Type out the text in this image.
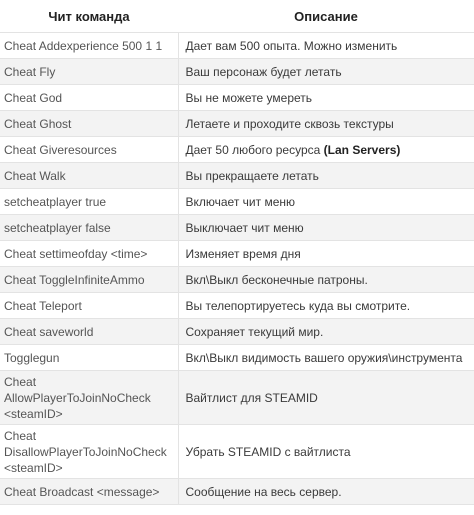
Чит команда	Описание
Cheat Addexperience 500 1 1	Дает вам 500 опыта. Можно изменить
Cheat Fly	Ваш персонаж будет летать
Cheat God	Вы не можете умереть
Cheat Ghost	Летаете и проходите сквозь текстуры
Cheat Giveresources	Дает 50 любого ресурса (Lan Servers)
Cheat Walk	Вы прекращаете летать
setcheatplayer true	Включает чит меню
setcheatplayer false	Выключает чит меню
Cheat settimeofday <time>	Изменяет время дня
Cheat ToggleInfiniteAmmo	Вкл\Выкл бесконечные патроны.
Cheat Teleport	Вы телепортируетесь куда вы смотрите.
Cheat saveworld	Сохраняет текущий мир.
Togglegun	Вкл\Выкл видимость вашего оружия\инструмента
Cheat AllowPlayerToJoinNoCheck <steamID>	Вайтлист для STEAMID
Cheat DisallowPlayerToJoinNoCheck <steamID>	Убрать STEAMID с вайтлиста
Cheat Broadcast <message>	Сообщение на весь сервер.
